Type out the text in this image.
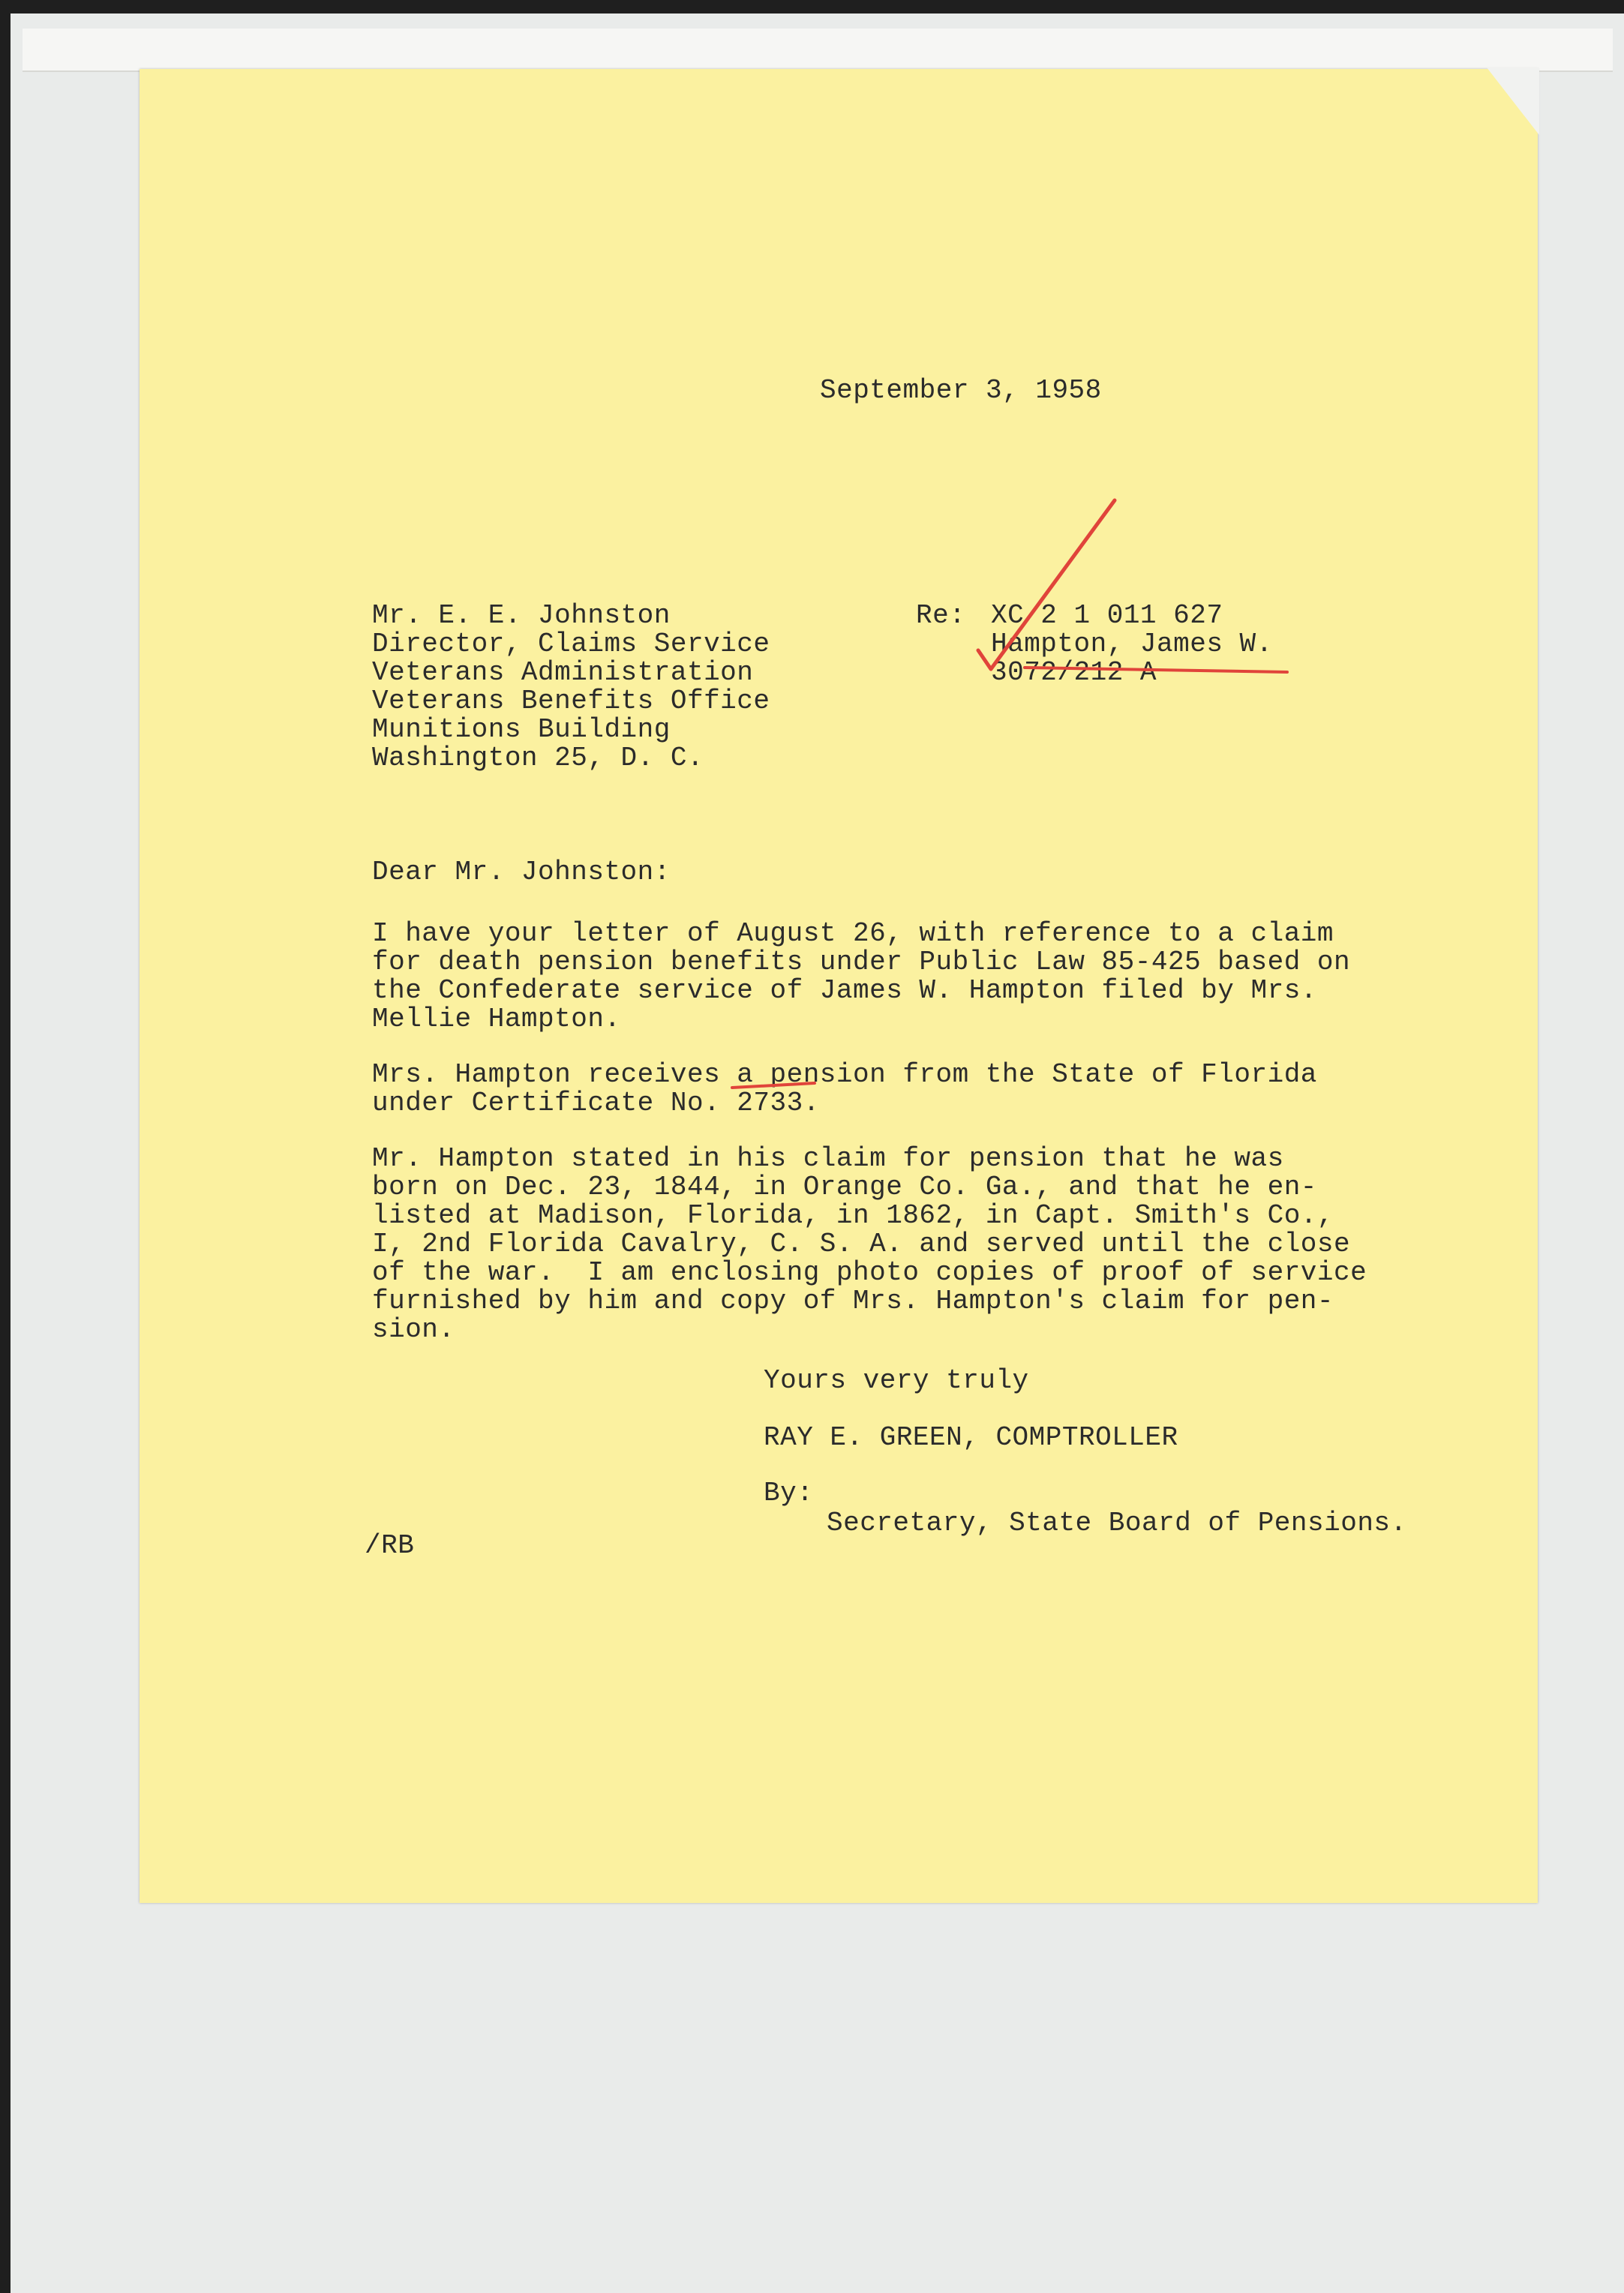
September 3, 1958
Mr. E. E. Johnston
Director, Claims Service
Veterans Administration
Veterans Benefits Office
Munitions Building
Washington 25, D. C.
Re: XC 2 1 011 627
Hampton, James W.
3072/212 A
Dear Mr. Johnston:
I have your letter of August 26, with reference to a claim
for death pension benefits under Public Law 85-425 based on
the Confederate service of James W. Hampton filed by Mrs.
Mellie Hampton.
Mrs. Hampton receives a pension from the State of Florida
under Certificate No. 2733.
Mr. Hampton stated in his claim for pension that he was
born on Dec. 23, 1844, in Orange Co. Ga., and that he en-
listed at Madison, Florida, in 1862, in Capt. Smith's Co.,
I, 2nd Florida Cavalry, C. S. A. and served until the close
of the war.  I am enclosing photo copies of proof of service
furnished by him and copy of Mrs. Hampton's claim for pen-
sion.
Yours very truly
RAY E. GREEN, COMPTROLLER
By:
Secretary, State Board of Pensions.
/RB
